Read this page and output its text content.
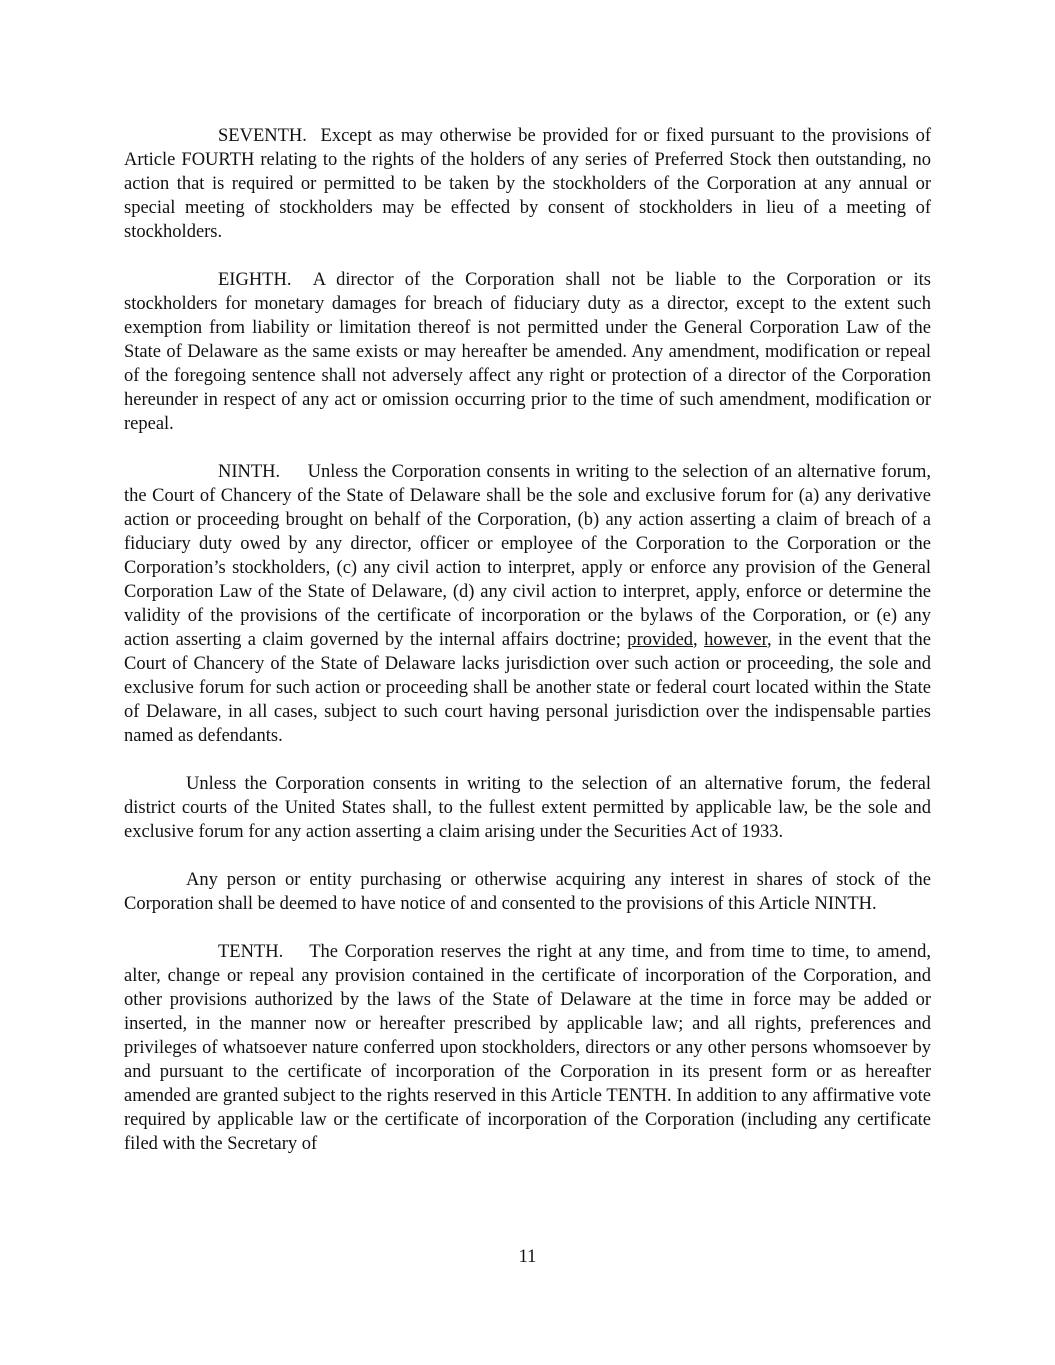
SEVENTH. Except as may otherwise be provided for or fixed pursuant to the provisions of Article FOURTH relating to the rights of the holders of any series of Preferred Stock then outstanding, no action that is required or permitted to be taken by the stockholders of the Corporation at any annual or special meeting of stockholders may be effected by consent of stockholders in lieu of a meeting of stockholders.

EIGHTH. A director of the Corporation shall not be liable to the Corporation or its stockholders for monetary damages for breach of fiduciary duty as a director, except to the extent such exemption from liability or limitation thereof is not permitted under the General Corporation Law of the State of Delaware as the same exists or may hereafter be amended. Any amendment, modification or repeal of the foregoing sentence shall not adversely affect any right or protection of a director of the Corporation hereunder in respect of any act or omission occurring prior to the time of such amendment, modification or repeal.

NINTH. Unless the Corporation consents in writing to the selection of an alternative forum, the Court of Chancery of the State of Delaware shall be the sole and exclusive forum for (a) any derivative action or proceeding brought on behalf of the Corporation, (b) any action asserting a claim of breach of a fiduciary duty owed by any director, officer or employee of the Corporation to the Corporation or the Corporation’s stockholders, (c) any civil action to interpret, apply or enforce any provision of the General Corporation Law of the State of Delaware, (d) any civil action to interpret, apply, enforce or determine the validity of the provisions of the certificate of incorporation or the bylaws of the Corporation, or (e) any action asserting a claim governed by the internal affairs doctrine; provided, however, in the event that the Court of Chancery of the State of Delaware lacks jurisdiction over such action or proceeding, the sole and exclusive forum for such action or proceeding shall be another state or federal court located within the State of Delaware, in all cases, subject to such court having personal jurisdiction over the indispensable parties named as defendants.

Unless the Corporation consents in writing to the selection of an alternative forum, the federal district courts of the United States shall, to the fullest extent permitted by applicable law, be the sole and exclusive forum for any action asserting a claim arising under the Securities Act of 1933.

Any person or entity purchasing or otherwise acquiring any interest in shares of stock of the Corporation shall be deemed to have notice of and consented to the provisions of this Article NINTH.

TENTH. The Corporation reserves the right at any time, and from time to time, to amend, alter, change or repeal any provision contained in the certificate of incorporation of the Corporation, and other provisions authorized by the laws of the State of Delaware at the time in force may be added or inserted, in the manner now or hereafter prescribed by applicable law; and all rights, preferences and privileges of whatsoever nature conferred upon stockholders, directors or any other persons whomsoever by and pursuant to the certificate of incorporation of the Corporation in its present form or as hereafter amended are granted subject to the rights reserved in this Article TENTH. In addition to any affirmative vote required by applicable law or the certificate of incorporation of the Corporation (including any certificate filed with the Secretary of

11
